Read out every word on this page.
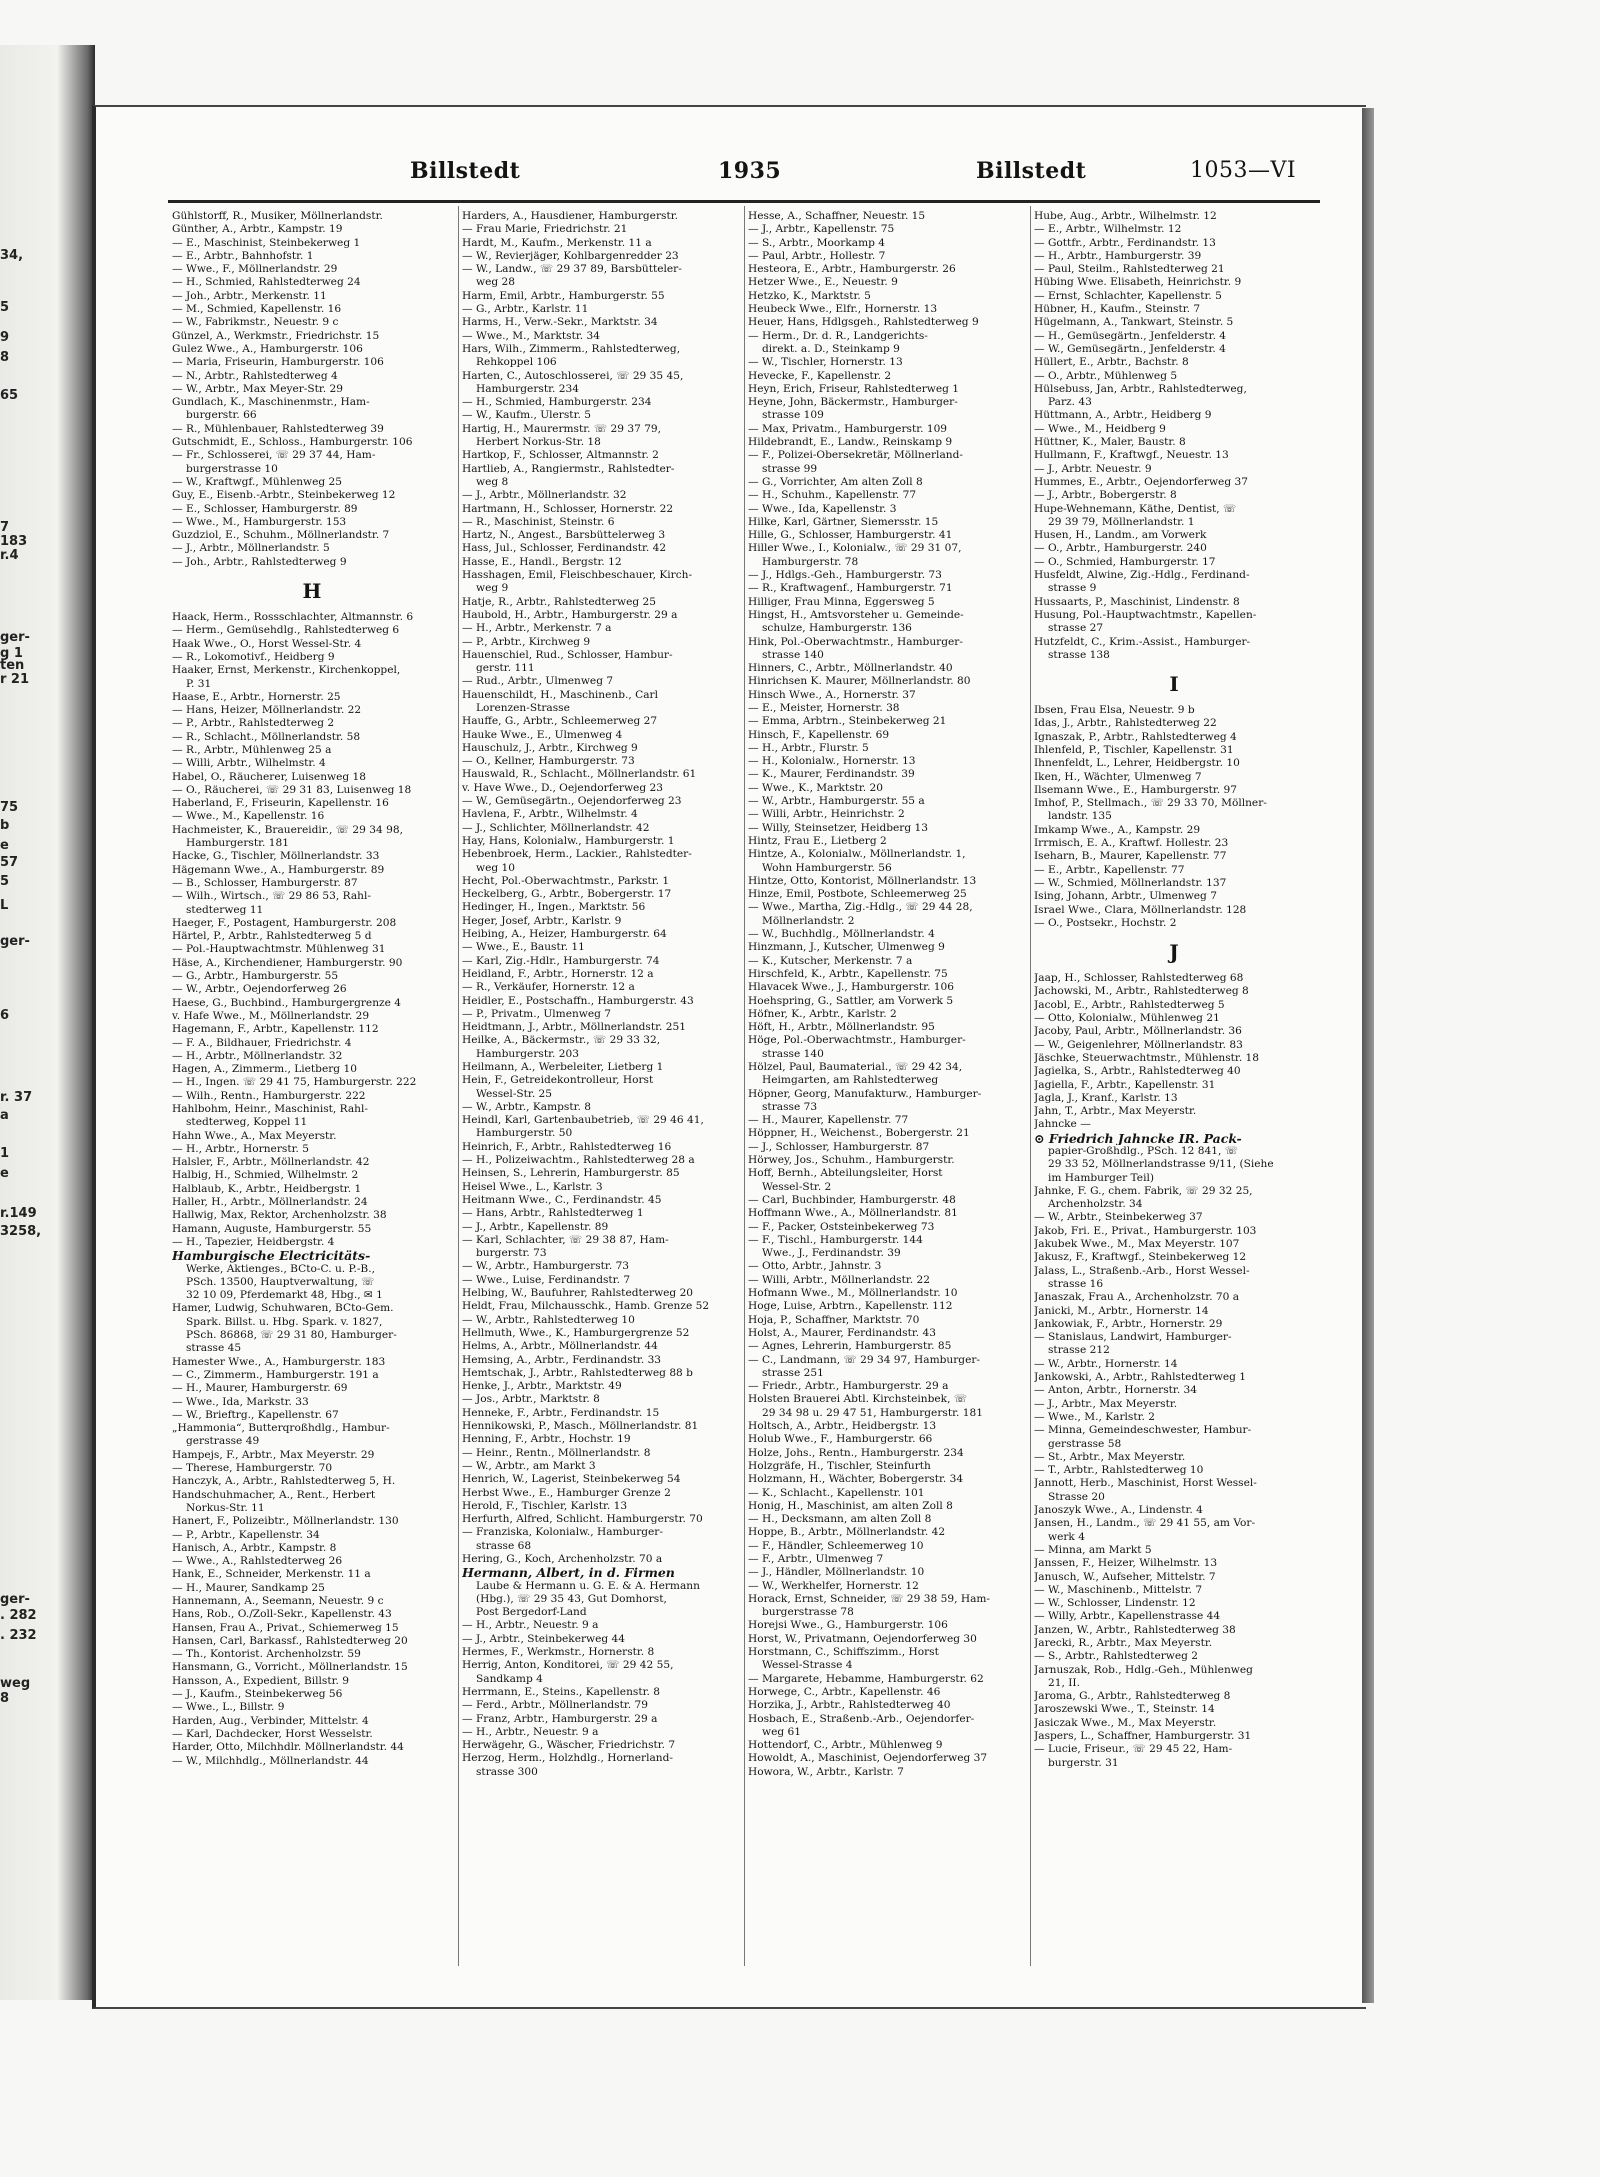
34,
5
9
8
65
7
183
r.4
ger-
g 1
ten
r 21
75
b
e
57
5
L
ger-
6
r. 37
a
1
e
r.149
3258,
ger-
. 282
. 232
weg 8
Billstedt	1935	Billstedt	1053—VI
Gühlstorff, R., Musiker, Möllnerlandstr.
Günther, A., Arbtr., Kampstr. 19
— E., Maschinist, Steinbekerweg 1
— E., Arbtr., Bahnhofstr. 1
— Wwe., F., Möllnerlandstr. 29
— H., Schmied, Rahlstedterweg 24
— Joh., Arbtr., Merkenstr. 11
— M., Schmied, Kapellenstr. 16
— W., Fabrikmstr., Neuestr. 9 c
Günzel, A., Werkmstr., Friedrichstr. 15
Gulez Wwe., A., Hamburgerstr. 106
— Maria, Friseurin, Hamburgerstr. 106
— N., Arbtr., Rahlstedterweg 4
— W., Arbtr., Max Meyer-Str. 29
Gundlach, K., Maschinenmstr., Ham-
burgerstr. 66
— R., Mühlenbauer, Rahlstedterweg 39
Gutschmidt, E., Schloss., Hamburgerstr. 106
— Fr., Schlosserei, ☏ 29 37 44, Ham-
burgerstrasse 10
— W., Kraftwgf., Mühlenweg 25
Guy, E., Eisenb.-Arbtr., Steinbekerweg 12
— E., Schlosser, Hamburgerstr. 89
— Wwe., M., Hamburgerstr. 153
Guzdziol, E., Schuhm., Möllnerlandstr. 7
— J., Arbtr., Möllnerlandstr. 5
— Joh., Arbtr., Rahlstedterweg 9
H
Haack, Herm., Rossschlachter, Altmannstr. 6
— Herm., Gemüsehdlg., Rahlstedterweg 6
Haak Wwe., O., Horst Wessel-Str. 4
— R., Lokomotivf., Heidberg 9
Haaker, Ernst, Merkenstr., Kirchenkoppel,
P. 31
Haase, E., Arbtr., Hornerstr. 25
— Hans, Heizer, Möllnerlandstr. 22
— P., Arbtr., Rahlstedterweg 2
— R., Schlacht., Möllnerlandstr. 58
— R., Arbtr., Mühlenweg 25 a
— Willi, Arbtr., Wilhelmstr. 4
Habel, O., Räucherer, Luisenweg 18
— O., Räucherei, ☏ 29 31 83, Luisenweg 18
Haberland, F., Friseurin, Kapellenstr. 16
— Wwe., M., Kapellenstr. 16
Hachmeister, K., Brauereidir., ☏ 29 34 98,
Hamburgerstr. 181
Hacke, G., Tischler, Möllnerlandstr. 33
Hägemann Wwe., A., Hamburgerstr. 89
— B., Schlosser, Hamburgerstr. 87
— Wilh., Wirtsch., ☏ 29 86 53, Rahl-
stedterweg 11
Haeger, F., Postagent, Hamburgerstr. 208
Härtel, P., Arbtr., Rahlstedterweg 5 d
— Pol.-Hauptwachtmstr. Mühlenweg 31
Häse, A., Kirchendiener, Hamburgerstr. 90
— G., Arbtr., Hamburgerstr. 55
— W., Arbtr., Oejendorferweg 26
Haese, G., Buchbind., Hamburgergrenze 4
v. Hafe Wwe., M., Möllnerlandstr. 29
Hagemann, F., Arbtr., Kapellenstr. 112
— F. A., Bildhauer, Friedrichstr. 4
— H., Arbtr., Möllnerlandstr. 32
Hagen, A., Zimmerm., Lietberg 10
— H., Ingen. ☏ 29 41 75, Hamburgerstr. 222
— Wilh., Rentn., Hamburgerstr. 222
Hahlbohm, Heinr., Maschinist, Rahl-
stedterweg, Koppel 11
Hahn Wwe., A., Max Meyerstr.
— H., Arbtr., Hornerstr. 5
Halsler, F., Arbtr., Möllnerlandstr. 42
Halbig, H., Schmied, Wilhelmstr. 2
Halblaub, K., Arbtr., Heidbergstr. 1
Haller, H., Arbtr., Möllnerlandstr. 24
Hallwig, Max, Rektor, Archenholzstr. 38
Hamann, Auguste, Hamburgerstr. 55
— H., Tapezier, Heidbergstr. 4
Hamburgische Electricitäts-
Werke, Aktienges., BCto-C. u. P.-B.,
PSch. 13500, Hauptverwaltung, ☏
32 10 09, Pferdemarkt 48, Hbg., ✉ 1
Hamer, Ludwig, Schuhwaren, BCto-Gem.
Spark. Billst. u. Hbg. Spark. v. 1827,
PSch. 86868, ☏ 29 31 80, Hamburger-
strasse 45
Hamester Wwe., A., Hamburgerstr. 183
— C., Zimmerm., Hamburgerstr. 191 a
— H., Maurer, Hamburgerstr. 69
— Wwe., Ida, Markstr. 33
— W., Brieftrg., Kapellenstr. 67
„Hammonia“, Butterqroßhdlg., Hambur-
gerstrasse 49
Hampejs, F., Arbtr., Max Meyerstr. 29
— Therese, Hamburgerstr. 70
Hanczyk, A., Arbtr., Rahlstedterweg 5, H.
Handschuhmacher, A., Rent., Herbert
Norkus-Str. 11
Hanert, F., Polizeibtr., Möllnerlandstr. 130
— P., Arbtr., Kapellenstr. 34
Hanisch, A., Arbtr., Kampstr. 8
— Wwe., A., Rahlstedterweg 26
Hank, E., Schneider, Merkenstr. 11 a
— H., Maurer, Sandkamp 25
Hannemann, A., Seemann, Neuestr. 9 c
Hans, Rob., O./Zoll-Sekr., Kapellenstr. 43
Hansen, Frau A., Privat., Schiemerweg 15
Hansen, Carl, Barkassf., Rahlstedterweg 20
— Th., Kontorist. Archenholzstr. 59
Hansmann, G., Vorricht., Möllnerlandstr. 15
Hansson, A., Expedient, Billstr. 9
— J., Kaufm., Steinbekerweg 56
— Wwe., L., Billstr. 9
Harden, Aug., Verbinder, Mittelstr. 4
— Karl, Dachdecker, Horst Wesselstr.
Harder, Otto, Milchhdlr. Möllnerlandstr. 44
— W., Milchhdlg., Möllnerlandstr. 44
Harders, A., Hausdiener, Hamburgerstr.
— Frau Marie, Friedrichstr. 21
Hardt, M., Kaufm., Merkenstr. 11 a
— W., Revierjäger, Kohlbargenredder 23
— W., Landw., ☏ 29 37 89, Barsbütteler-
weg 28
Harm, Emil, Arbtr., Hamburgerstr. 55
— G., Arbtr., Karlstr. 11
Harms, H., Verw.-Sekr., Marktstr. 34
— Wwe., M., Marktstr. 34
Hars, Wilh., Zimmerm., Rahlstedterweg,
Rehkoppel 106
Harten, C., Autoschlosserei, ☏ 29 35 45,
Hamburgerstr. 234
— H., Schmied, Hamburgerstr. 234
— W., Kaufm., Ulerstr. 5
Hartig, H., Maurermstr. ☏ 29 37 79,
Herbert Norkus-Str. 18
Hartkop, F., Schlosser, Altmannstr. 2
Hartlieb, A., Rangiermstr., Rahlstedter-
weg 8
— J., Arbtr., Möllnerlandstr. 32
Hartmann, H., Schlosser, Hornerstr. 22
— R., Maschinist, Steinstr. 6
Hartz, N., Angest., Barsbüttelerweg 3
Hass, Jul., Schlosser, Ferdinandstr. 42
Hasse, E., Handl., Bergstr. 12
Hasshagen, Emil, Fleischbeschauer, Kirch-
weg 9
Hatje, R., Arbtr., Rahlstedterweg 25
Haubold, H., Arbtr., Hamburgerstr. 29 a
— H., Arbtr., Merkenstr. 7 a
— P., Arbtr., Kirchweg 9
Hauenschiel, Rud., Schlosser, Hambur-
gerstr. 111
— Rud., Arbtr., Ulmenweg 7
Hauenschildt, H., Maschinenb., Carl
Lorenzen-Strasse
Hauffe, G., Arbtr., Schleemerweg 27
Hauke Wwe., E., Ulmenweg 4
Hauschulz, J., Arbtr., Kirchweg 9
— O., Kellner, Hamburgerstr. 73
Hauswald, R., Schlacht., Möllnerlandstr. 61
v. Have Wwe., D., Oejendorferweg 23
— W., Gemüsegärtn., Oejendorferweg 23
Havlena, F., Arbtr., Wilhelmstr. 4
— J., Schlichter, Möllnerlandstr. 42
Hay, Hans, Kolonialw., Hamburgerstr. 1
Hebenbroek, Herm., Lackier., Rahlstedter-
weg 10
Hecht, Pol.-Oberwachtmstr., Parkstr. 1
Heckelberg, G., Arbtr., Bobergerstr. 17
Hedinger, H., Ingen., Marktstr. 56
Heger, Josef, Arbtr., Karlstr. 9
Heibing, A., Heizer, Hamburgerstr. 64
— Wwe., E., Baustr. 11
— Karl, Zig.-Hdlr., Hamburgerstr. 74
Heidland, F., Arbtr., Hornerstr. 12 a
— R., Verkäufer, Hornerstr. 12 a
Heidler, E., Postschaffn., Hamburgerstr. 43
— P., Privatm., Ulmenweg 7
Heidtmann, J., Arbtr., Möllnerlandstr. 251
Heilke, A., Bäckermstr., ☏ 29 33 32,
Hamburgerstr. 203
Heilmann, A., Werbeleiter, Lietberg 1
Hein, F., Getreidekontrolleur, Horst
Wessel-Str. 25
— W., Arbtr., Kampstr. 8
Heindl, Karl, Gartenbaubetrieb, ☏ 29 46 41,
Hamburgerstr. 50
Heinrich, F., Arbtr., Rahlstedterweg 16
— H., Polizeiwachtm., Rahlstedterweg 28 a
Heinsen, S., Lehrerin, Hamburgerstr. 85
Heisel Wwe., L., Karlstr. 3
Heitmann Wwe., C., Ferdinandstr. 45
— Hans, Arbtr., Rahlstedterweg 1
— J., Arbtr., Kapellenstr. 89
— Karl, Schlachter, ☏ 29 38 87, Ham-
burgerstr. 73
— W., Arbtr., Hamburgerstr. 73
— Wwe., Luise, Ferdinandstr. 7
Helbing, W., Baufuhrer, Rahlstedterweg 20
Heldt, Frau, Milchausschk., Hamb. Grenze 52
— W., Arbtr., Rahlstedterweg 10
Hellmuth, Wwe., K., Hamburgergrenze 52
Helms, A., Arbtr., Möllnerlandstr. 44
Hemsing, A., Arbtr., Ferdinandstr. 33
Hemtschak, J., Arbtr., Rahlstedterweg 88 b
Henke, J., Arbtr., Marktstr. 49
— Jos., Arbtr., Marktstr. 8
Henneke, F., Arbtr., Ferdinandstr. 15
Hennikowski, P., Masch., Möllnerlandstr. 81
Henning, F., Arbtr., Hochstr. 19
— Heinr., Rentn., Möllnerlandstr. 8
— W., Arbtr., am Markt 3
Henrich, W., Lagerist, Steinbekerweg 54
Herbst Wwe., E., Hamburger Grenze 2
Herold, F., Tischler, Karlstr. 13
Herfurth, Alfred, Schlicht. Hamburgerstr. 70
— Franziska, Kolonialw., Hamburger-
strasse 68
Hering, G., Koch, Archenholzstr. 70 a
Hermann, Albert, in d. Firmen
Laube & Hermann u. G. E. & A. Hermann
(Hbg.), ☏ 29 35 43, Gut Domhorst,
Post Bergedorf-Land
— H., Arbtr., Neuestr. 9 a
— J., Arbtr., Steinbekerweg 44
Hermes, F., Werkmstr., Hornerstr. 8
Herrig, Anton, Konditorei, ☏ 29 42 55,
Sandkamp 4
Herrmann, E., Steins., Kapellenstr. 8
— Ferd., Arbtr., Möllnerlandstr. 79
— Franz, Arbtr., Hamburgerstr. 29 a
— H., Arbtr., Neuestr. 9 a
Herwägehr, G., Wäscher, Friedrichstr. 7
Herzog, Herm., Holzhdlg., Hornerland-
strasse 300
Hesse, A., Schaffner, Neuestr. 15
— J., Arbtr., Kapellenstr. 75
— S., Arbtr., Moorkamp 4
— Paul, Arbtr., Hollestr. 7
Hesteora, E., Arbtr., Hamburgerstr. 26
Hetzer Wwe., E., Neuestr. 9
Hetzko, K., Marktstr. 5
Heubeck Wwe., Elfr., Hornerstr. 13
Heuer, Hans, Hdlgsgeh., Rahlstedterweg 9
— Herm., Dr. d. R., Landgerichts-
direkt. a. D., Steinkamp 9
— W., Tischler, Hornerstr. 13
Hevecke, F., Kapellenstr. 2
Heyn, Erich, Friseur, Rahlstedterweg 1
Heyne, John, Bäckermstr., Hamburger-
strasse 109
— Max, Privatm., Hamburgerstr. 109
Hildebrandt, E., Landw., Reinskamp 9
— F., Polizei-Obersekretär, Möllnerland-
strasse 99
— G., Vorrichter, Am alten Zoll 8
— H., Schuhm., Kapellenstr. 77
— Wwe., Ida, Kapellenstr. 3
Hilke, Karl, Gärtner, Siemersstr. 15
Hille, G., Schlosser, Hamburgerstr. 41
Hiller Wwe., I., Kolonialw., ☏ 29 31 07,
Hamburgerstr. 78
— J., Hdlgs.-Geh., Hamburgerstr. 73
— R., Kraftwagenf., Hamburgerstr. 71
Hilliger, Frau Minna, Eggersweg 5
Hingst, H., Amtsvorsteher u. Gemeinde-
schulze, Hamburgerstr. 136
Hink, Pol.-Oberwachtmstr., Hamburger-
strasse 140
Hinners, C., Arbtr., Möllnerlandstr. 40
Hinrichsen K. Maurer, Möllnerlandstr. 80
Hinsch Wwe., A., Hornerstr. 37
— E., Meister, Hornerstr. 38
— Emma, Arbtrn., Steinbekerweg 21
Hinsch, F., Kapellenstr. 69
— H., Arbtr., Flurstr. 5
— H., Kolonialw., Hornerstr. 13
— K., Maurer, Ferdinandstr. 39
— Wwe., K., Marktstr. 20
— W., Arbtr., Hamburgerstr. 55 a
— Willi, Arbtr., Heinrichstr. 2
— Willy, Steinsetzer, Heidberg 13
Hintz, Frau E., Lietberg 2
Hintze, A., Kolonialw., Möllnerlandstr. 1,
Wohn Hamburgerstr. 56
Hintze, Otto, Kontorist, Möllnerlandstr. 13
Hinze, Emil, Postbote, Schleemerweg 25
— Wwe., Martha, Zig.-Hdlg., ☏ 29 44 28,
Möllnerlandstr. 2
— W., Buchhdlg., Möllnerlandstr. 4
Hinzmann, J., Kutscher, Ulmenweg 9
— K., Kutscher, Merkenstr. 7 a
Hirschfeld, K., Arbtr., Kapellenstr. 75
Hlavacek Wwe., J., Hamburgerstr. 106
Hoehspring, G., Sattler, am Vorwerk 5
Höfner, K., Arbtr., Karlstr. 2
Höft, H., Arbtr., Möllnerlandstr. 95
Höge, Pol.-Oberwachtmstr., Hamburger-
strasse 140
Hölzel, Paul, Baumaterial., ☏ 29 42 34,
Heimgarten, am Rahlstedterweg
Höpner, Georg, Manufakturw., Hamburger-
strasse 73
— H., Maurer, Kapellenstr. 77
Höppner, H., Weichenst., Bobergerstr. 21
— J., Schlosser, Hamburgerstr. 87
Hörwey, Jos., Schuhm., Hamburgerstr.
Hoff, Bernh., Abteilungsleiter, Horst
Wessel-Str. 2
— Carl, Buchbinder, Hamburgerstr. 48
Hoffmann Wwe., A., Möllnerlandstr. 81
— F., Packer, Oststeinbekerweg 73
— F., Tischl., Hamburgerstr. 144
Wwe., J., Ferdinandstr. 39
— Otto, Arbtr., Jahnstr. 3
— Willi, Arbtr., Möllnerlandstr. 22
Hofmann Wwe., M., Möllnerlandstr. 10
Hoge, Luise, Arbtrn., Kapellenstr. 112
Hoja, P., Schaffner, Marktstr. 70
Holst, A., Maurer, Ferdinandstr. 43
— Agnes, Lehrerin, Hamburgerstr. 85
— C., Landmann, ☏ 29 34 97, Hamburger-
strasse 251
— Friedr., Arbtr., Hamburgerstr. 29 a
Holsten Brauerei Abtl. Kirchsteinbek, ☏
29 34 98 u. 29 47 51, Hamburgerstr. 181
Holtsch, A., Arbtr., Heidbergstr. 13
Holub Wwe., F., Hamburgerstr. 66
Holze, Johs., Rentn., Hamburgerstr. 234
Holzgräfe, H., Tischler, Steinfurth
Holzmann, H., Wächter, Bobergerstr. 34
— K., Schlacht., Kapellenstr. 101
Honig, H., Maschinist, am alten Zoll 8
— H., Decksmann, am alten Zoll 8
Hoppe, B., Arbtr., Möllnerlandstr. 42
— F., Händler, Schleemerweg 10
— F., Arbtr., Ulmenweg 7
— J., Händler, Möllnerlandstr. 10
— W., Werkhelfer, Hornerstr. 12
Horack, Ernst, Schneider, ☏ 29 38 59, Ham-
burgerstrasse 78
Horejsi Wwe., G., Hamburgerstr. 106
Horst, W., Privatmann, Oejendorferweg 30
Horstmann, C., Schiffszimm., Horst
Wessel-Strasse 4
— Margarete, Hebamme, Hamburgerstr. 62
Horwege, C., Arbtr., Kapellenstr. 46
Horzika, J., Arbtr., Rahlstedterweg 40
Hosbach, E., Straßenb.-Arb., Oejendorfer-
weg 61
Hottendorf, C., Arbtr., Mühlenweg 9
Howoldt, A., Maschinist, Oejendorferweg 37
Howora, W., Arbtr., Karlstr. 7
Hube, Aug., Arbtr., Wilhelmstr. 12
— E., Arbtr., Wilhelmstr. 12
— Gottfr., Arbtr., Ferdinandstr. 13
— H., Arbtr., Hamburgerstr. 39
— Paul, Steilm., Rahlstedterweg 21
Hübing Wwe. Elisabeth, Heinrichstr. 9
— Ernst, Schlachter, Kapellenstr. 5
Hübner, H., Kaufm., Steinstr. 7
Hügelmann, A., Tankwart, Steinstr. 5
— H., Gemüsegärtn., Jenfelderstr. 4
— W., Gemüsegärtn., Jenfelderstr. 4
Hüllert, E., Arbtr., Bachstr. 8
— O., Arbtr., Mühlenweg 5
Hülsebuss, Jan, Arbtr., Rahlstedterweg,
Parz. 43
Hüttmann, A., Arbtr., Heidberg 9
— Wwe., M., Heidberg 9
Hüttner, K., Maler, Baustr. 8
Hullmann, F., Kraftwgf., Neuestr. 13
— J., Arbtr. Neuestr. 9
Hummes, E., Arbtr., Oejendorferweg 37
— J., Arbtr., Bobergerstr. 8
Hupe-Wehnemann, Käthe, Dentist, ☏
29 39 79, Möllnerlandstr. 1
Husen, H., Landm., am Vorwerk
— O., Arbtr., Hamburgerstr. 240
— O., Schmied, Hamburgerstr. 17
Husfeldt, Alwine, Zig.-Hdlg., Ferdinand-
strasse 9
Hussaarts, P., Maschinist, Lindenstr. 8
Husung, Pol.-Hauptwachtmstr., Kapellen-
strasse 27
Hutzfeldt, C., Krim.-Assist., Hamburger-
strasse 138
I
Ibsen, Frau Elsa, Neuestr. 9 b
Idas, J., Arbtr., Rahlstedterweg 22
Ignaszak, P., Arbtr., Rahlstedterweg 4
Ihlenfeld, P., Tischler, Kapellenstr. 31
Ihnenfeldt, L., Lehrer, Heidbergstr. 10
Iken, H., Wächter, Ulmenweg 7
Ilsemann Wwe., E., Hamburgerstr. 97
Imhof, P., Stellmach., ☏ 29 33 70, Möllner-
landstr. 135
Imkamp Wwe., A., Kampstr. 29
Irrmisch, E. A., Kraftwf. Hollestr. 23
Iseharn, B., Maurer, Kapellenstr. 77
— E., Arbtr., Kapellenstr. 77
— W., Schmied, Möllnerlandstr. 137
Ising, Johann, Arbtr., Ulmenweg 7
Israel Wwe., Clara, Möllnerlandstr. 128
— O., Postsekr., Hochstr. 2
J
Jaap, H., Schlosser, Rahlstedterweg 68
Jachowski, M., Arbtr., Rahlstedterweg 8
Jacobl, E., Arbtr., Rahlstedterweg 5
— Otto, Kolonialw., Mühlenweg 21
Jacoby, Paul, Arbtr., Möllnerlandstr. 36
— W., Geigenlehrer, Möllnerlandstr. 83
Jäschke, Steuerwachtmstr., Mühlenstr. 18
Jagielka, S., Arbtr., Rahlstedterweg 40
Jagiella, F., Arbtr., Kapellenstr. 31
Jagla, J., Kranf., Karlstr. 13
Jahn, T., Arbtr., Max Meyerstr.
Jahncke —
⊙ Friedrich Jahncke IR. Pack-
papier-Großhdlg., PSch. 12 841, ☏
29 33 52, Möllnerlandstrasse 9/11, (Siehe
im Hamburger Teil)
Jahnke, F. G., chem. Fabrik, ☏ 29 32 25,
Archenholzstr. 34
— W., Arbtr., Steinbekerweg 37
Jakob, Fri. E., Privat., Hamburgerstr. 103
Jakubek Wwe., M., Max Meyerstr. 107
Jakusz, F., Kraftwgf., Steinbekerweg 12
Jalass, L., Straßenb.-Arb., Horst Wessel-
strasse 16
Janaszak, Frau A., Archenholzstr. 70 a
Janicki, M., Arbtr., Hornerstr. 14
Jankowiak, F., Arbtr., Hornerstr. 29
— Stanislaus, Landwirt, Hamburger-
strasse 212
— W., Arbtr., Hornerstr. 14
Jankowski, A., Arbtr., Rahlstedterweg 1
— Anton, Arbtr., Hornerstr. 34
— J., Arbtr., Max Meyerstr.
— Wwe., M., Karlstr. 2
— Minna, Gemeindeschwester, Hambur-
gerstrasse 58
— St., Arbtr., Max Meyerstr.
— T., Arbtr., Rahlstedterweg 10
Jannott, Herb., Maschinist, Horst Wessel-
Strasse 20
Janoszyk Wwe., A., Lindenstr. 4
Jansen, H., Landm., ☏ 29 41 55, am Vor-
werk 4
— Minna, am Markt 5
Janssen, F., Heizer, Wilhelmstr. 13
Janusch, W., Aufseher, Mittelstr. 7
— W., Maschinenb., Mittelstr. 7
— W., Schlosser, Lindenstr. 12
— Willy, Arbtr., Kapellenstrasse 44
Janzen, W., Arbtr., Rahlstedterweg 38
Jarecki, R., Arbtr., Max Meyerstr.
— S., Arbtr., Rahlstedterweg 2
Jarnuszak, Rob., Hdlg.-Geh., Mühlenweg
21, II.
Jaroma, G., Arbtr., Rahlstedterweg 8
Jaroszewski Wwe., T., Steinstr. 14
Jasiczak Wwe., M., Max Meyerstr.
Jaspers, L., Schaffner, Hamburgerstr. 31
— Lucie, Friseur., ☏ 29 45 22, Ham-
burgerstr. 31
